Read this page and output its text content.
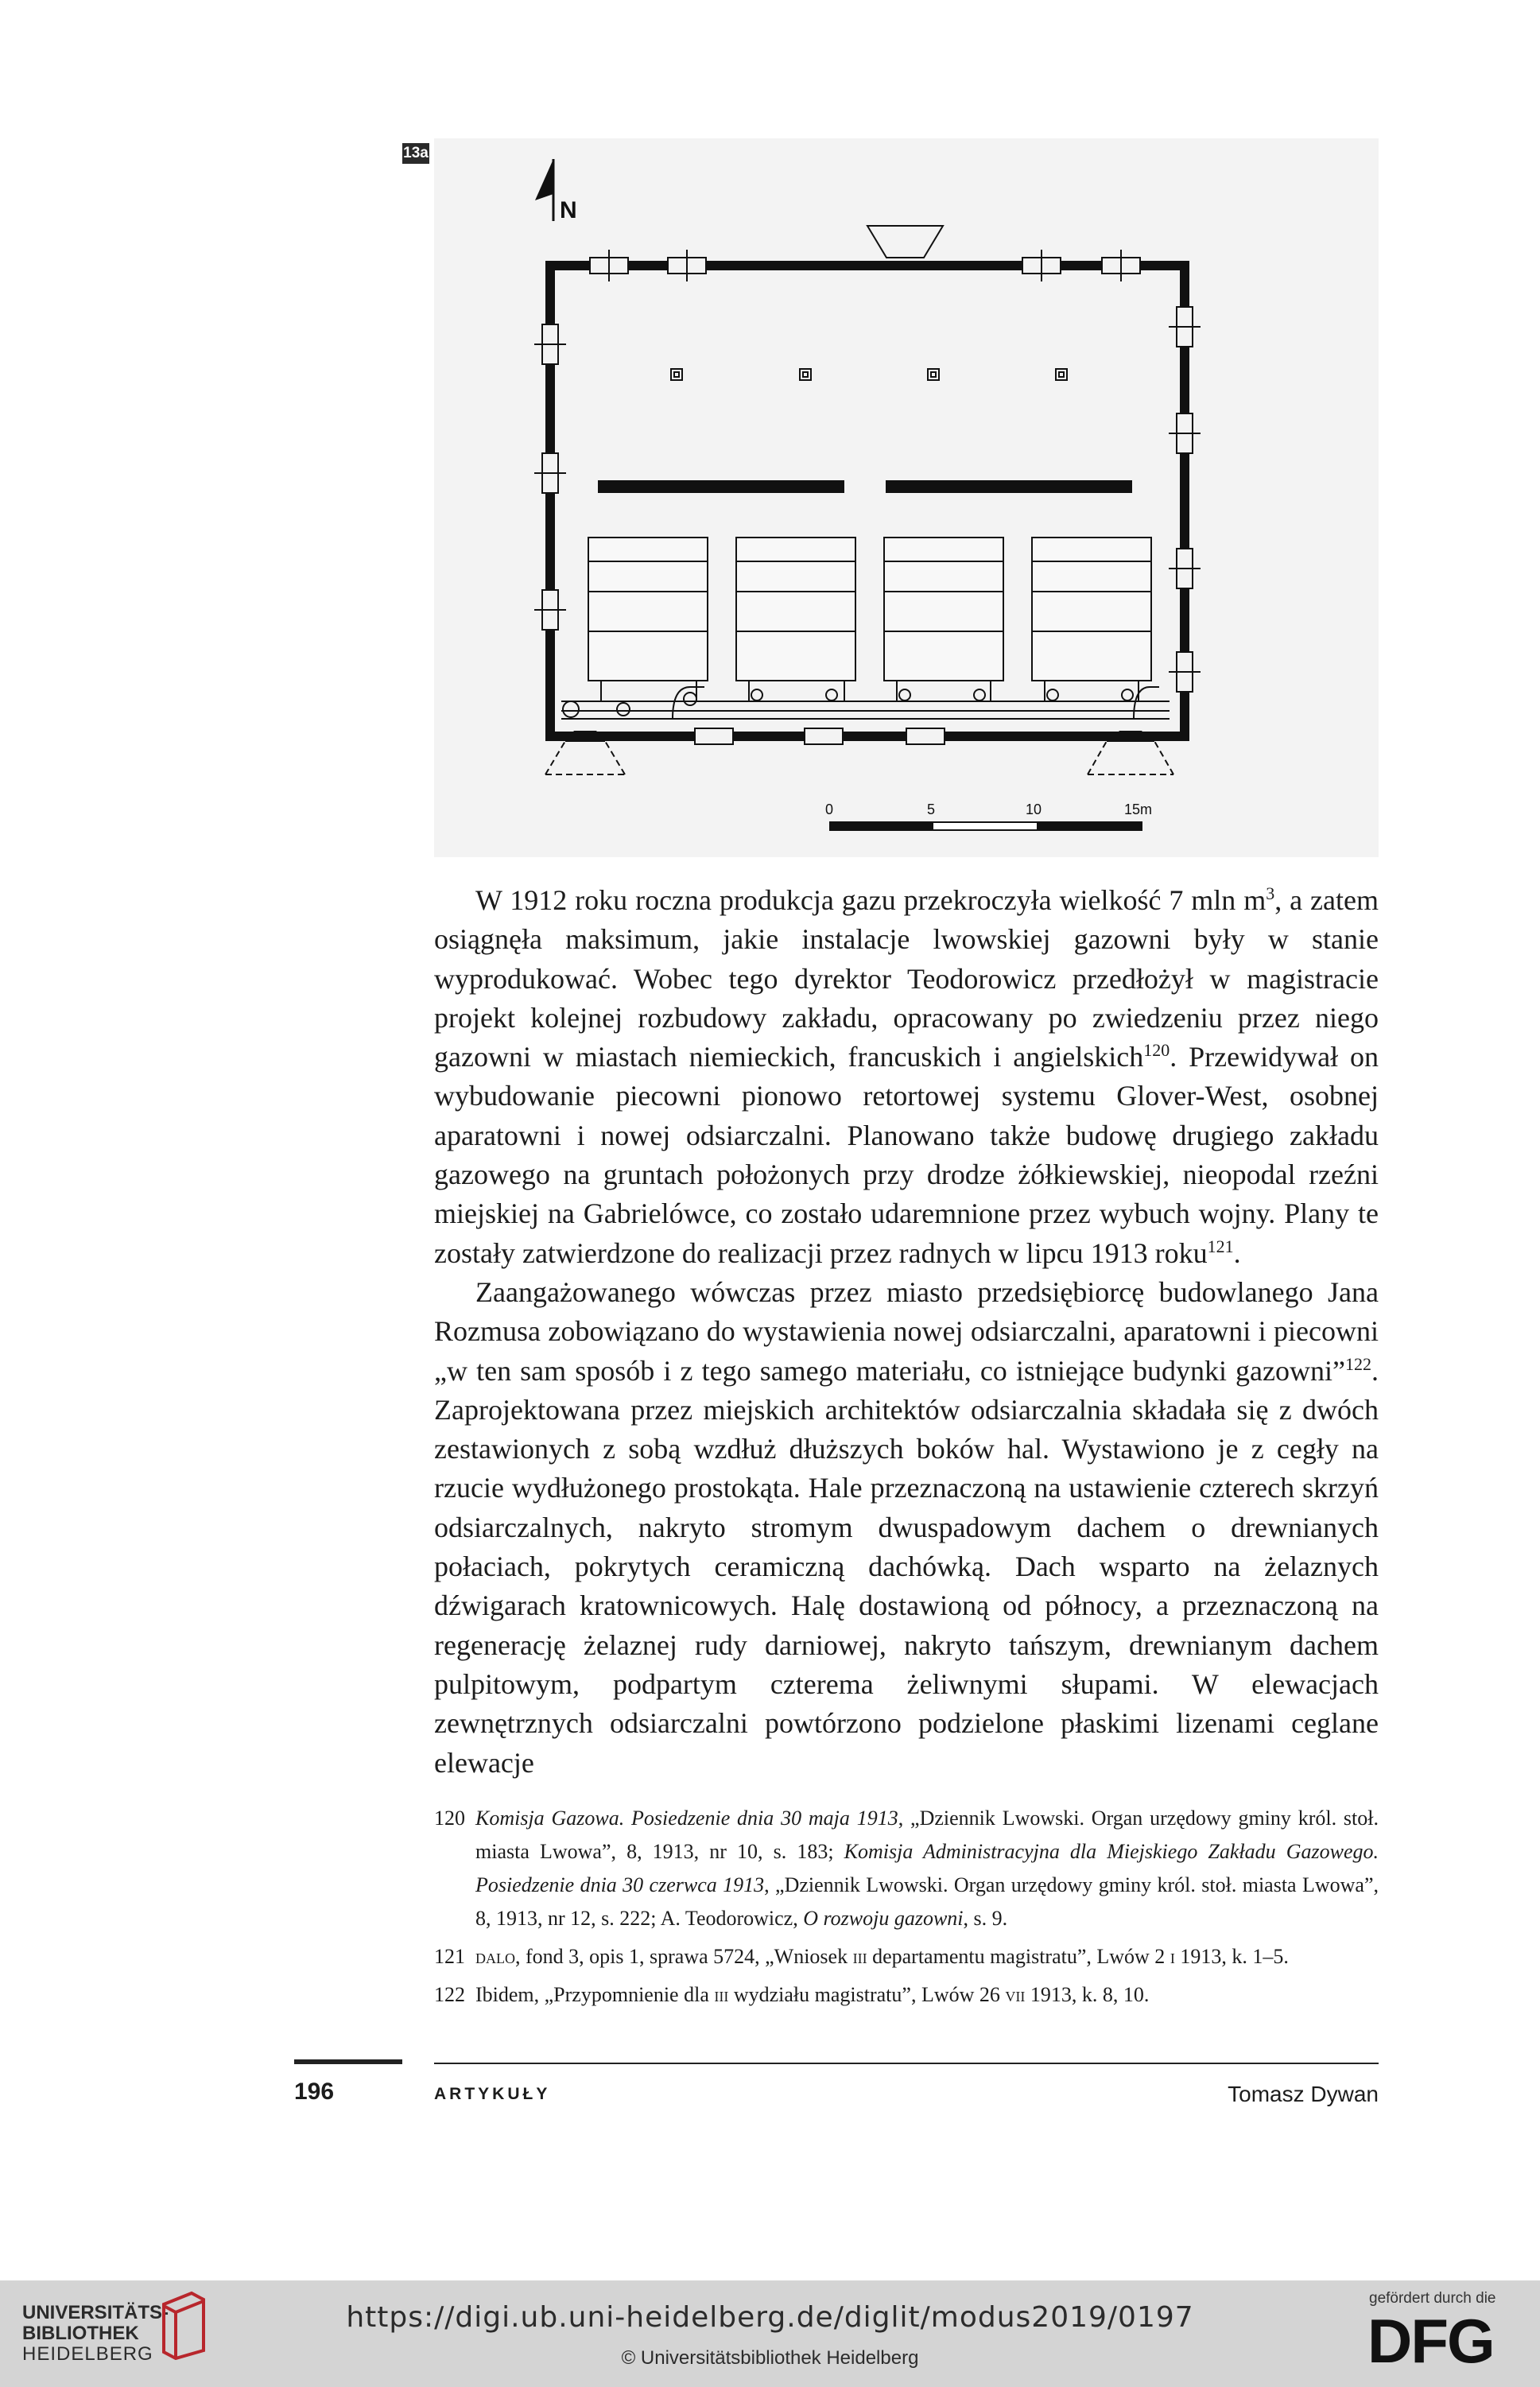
13a
N
0	5	10	15m

W 1912 roku roczna produkcja gazu przekroczyła wielkość 7 mln $m^3$, a zatem osiągnęła maksimum, jakie instalacje lwowskiej gazowni były w stanie wyprodukować. Wobec tego dyrektor Teodorowicz przedłożył w magistracie projekt kolejnej rozbudowy zakładu, opracowany po zwiedzeniu przez niego gazowni w miastach niemieckich, francuskich i angielskich$^{120}$. Przewidywał on wybudowanie piecowni pionowo retortowej systemu Glover-West, osobnej aparatowni i nowej odsiarczalni. Planowano także budowę drugiego zakładu gazowego na gruntach położonych przy drodze żółkiewskiej, nieopodal rzeźni miejskiej na Gabrielówce, co zostało udaremnione przez wybuch wojny. Plany te zostały zatwierdzone do realizacji przez radnych w lipcu 1913 roku$^{121}$.

Zaangażowanego wówczas przez miasto przedsiębiorcę budowlanego Jana Rozmusa zobowiązano do wystawienia nowej odsiarczalni, aparatowni i piecowni „w ten sam sposób i z tego samego materiału, co istniejące budynki gazowni”$^{122}$. Zaprojektowana przez miejskich architektów odsiarczalnia składała się z dwóch zestawionych z sobą wzdłuż dłuższych boków hal. Wystawiono je z cegły na rzucie wydłużonego prostokąta. Hale przeznaczoną na ustawienie czterech skrzyń odsiarczalnych, nakryto stromym dwuspadowym dachem o drewnianych połaciach, pokrytych ceramiczną dachówką. Dach wsparto na żelaznych dźwigarach kratownicowych. Halę dostawioną od północy, a przeznaczoną na regenerację żelaznej rudy darniowej, nakryto tańszym, drewnianym dachem pulpitowym, podpartym czterema żeliwnymi słupami. W elewacjach zewnętrznych odsiarczalni powtórzono podzielone płaskimi lizenami ceglane elewacje

120 Komisja Gazowa. Posiedzenie dnia 30 maja 1913, „Dziennik Lwowski. Organ urzędowy gminy król. stoł. miasta Lwowa”, 8, 1913, nr 10, s. 183; Komisja Administracyjna dla Miejskiego Zakładu Gazowego. Posiedzenie dnia 30 czerwca 1913, „Dziennik Lwowski. Organ urzędowy gminy król. stoł. miasta Lwowa”, 8, 1913, nr 12, s. 222; A. Teodorowicz, O rozwoju gazowni, s. 9.
121 dalo, fond 3, opis 1, sprawa 5724, „Wniosek iii departamentu magistratu”, Lwów 2 i 1913, k. 1–5.
122 Ibidem, „Przypomnienie dla iii wydziału magistratu”, Lwów 26 vii 1913, k. 8, 10.
196	ARTYKUŁY	Tomasz Dywan
UNIVERSITÄTS-
BIBLIOTHEK
HEIDELBERG
https://digi.ub.uni-heidelberg.de/diglit/modus2019/0197
© Universitätsbibliothek Heidelberg
gefördert durch die
DFG
